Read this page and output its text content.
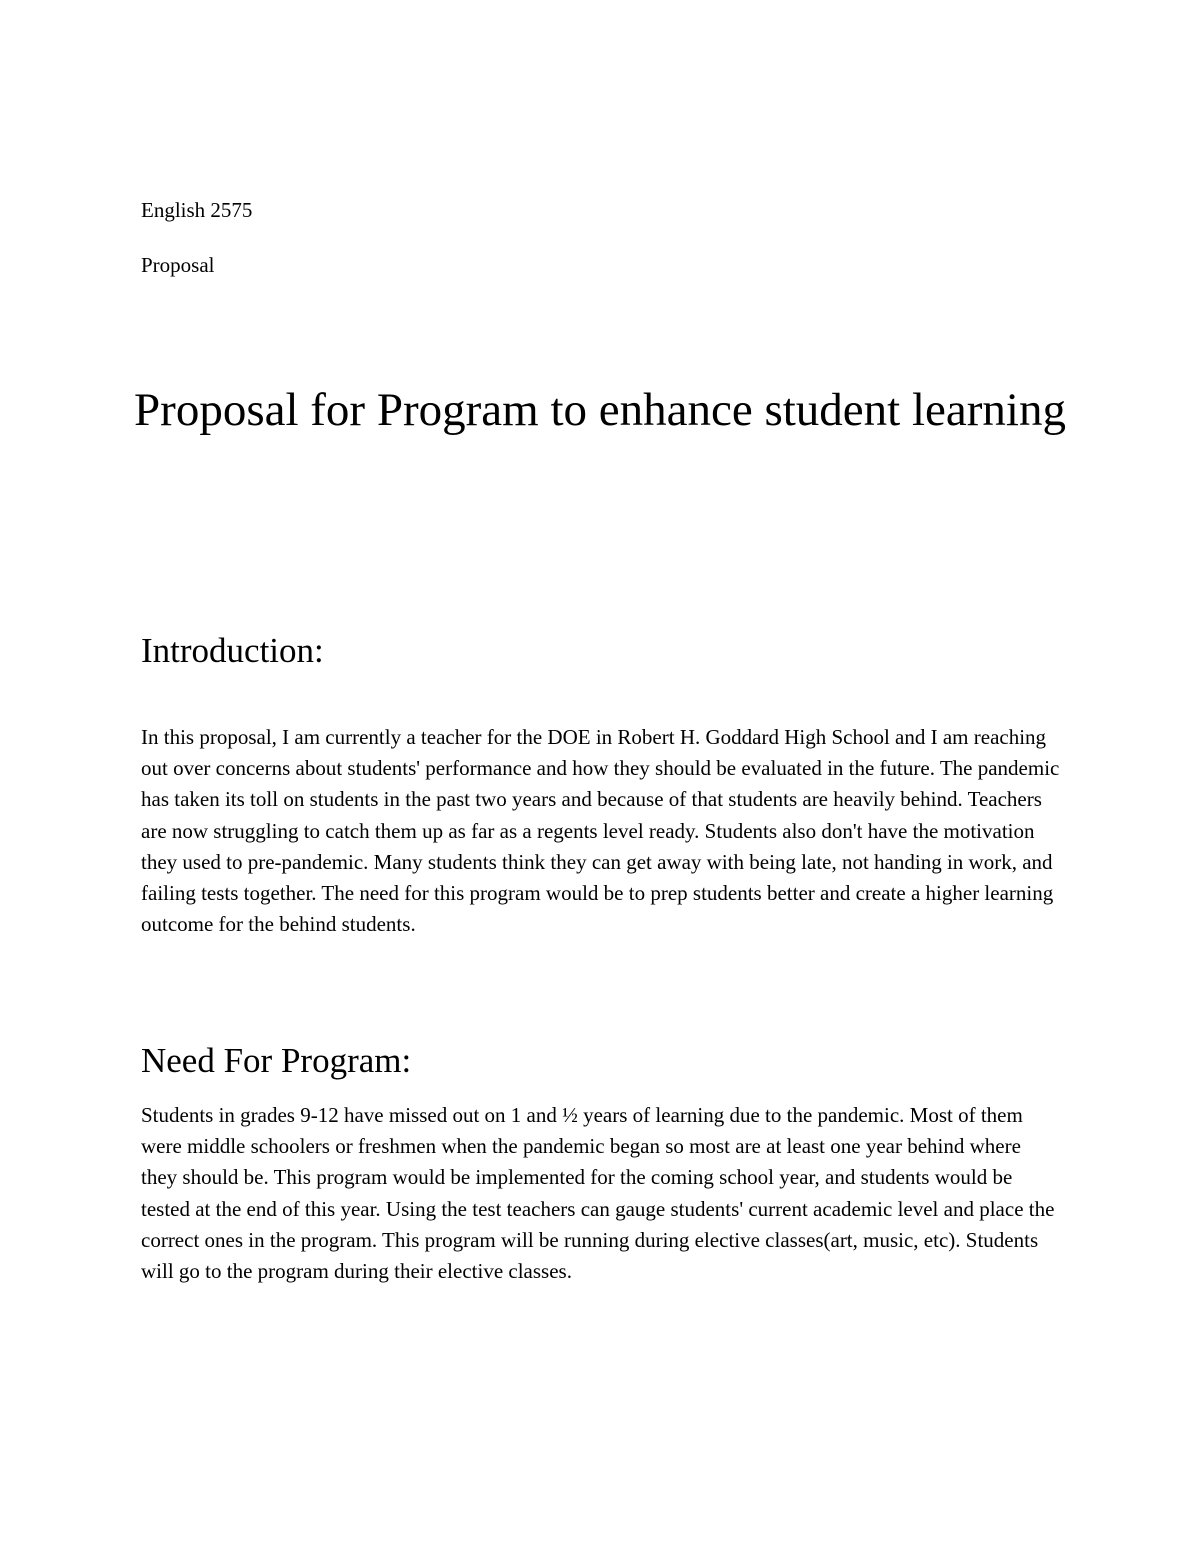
English 2575

Proposal

Proposal for Program to enhance student learning
Introduction:

In this proposal, I am currently a teacher for the DOE in Robert H. Goddard High School and I am reaching out over concerns about students' performance and how they should be evaluated in the future. The pandemic has taken its toll on students in the past two years and because of that students are heavily behind. Teachers are now struggling to catch them up as far as a regents level ready. Students also don't have the motivation they used to pre-pandemic. Many students think they can get away with being late, not handing in work, and failing tests together. The need for this program would be to prep students better and create a higher learning outcome for the behind students.

Need For Program:

Students in grades 9-12 have missed out on 1 and ½ years of learning due to the pandemic. Most of them were middle schoolers or freshmen when the pandemic began so most are at least one year behind where they should be. This program would be implemented for the coming school year, and students would be tested at the end of this year. Using the test teachers can gauge students' current academic level and place the correct ones in the program. This program will be running during elective classes(art, music, etc). Students will go to the program during their elective classes.
